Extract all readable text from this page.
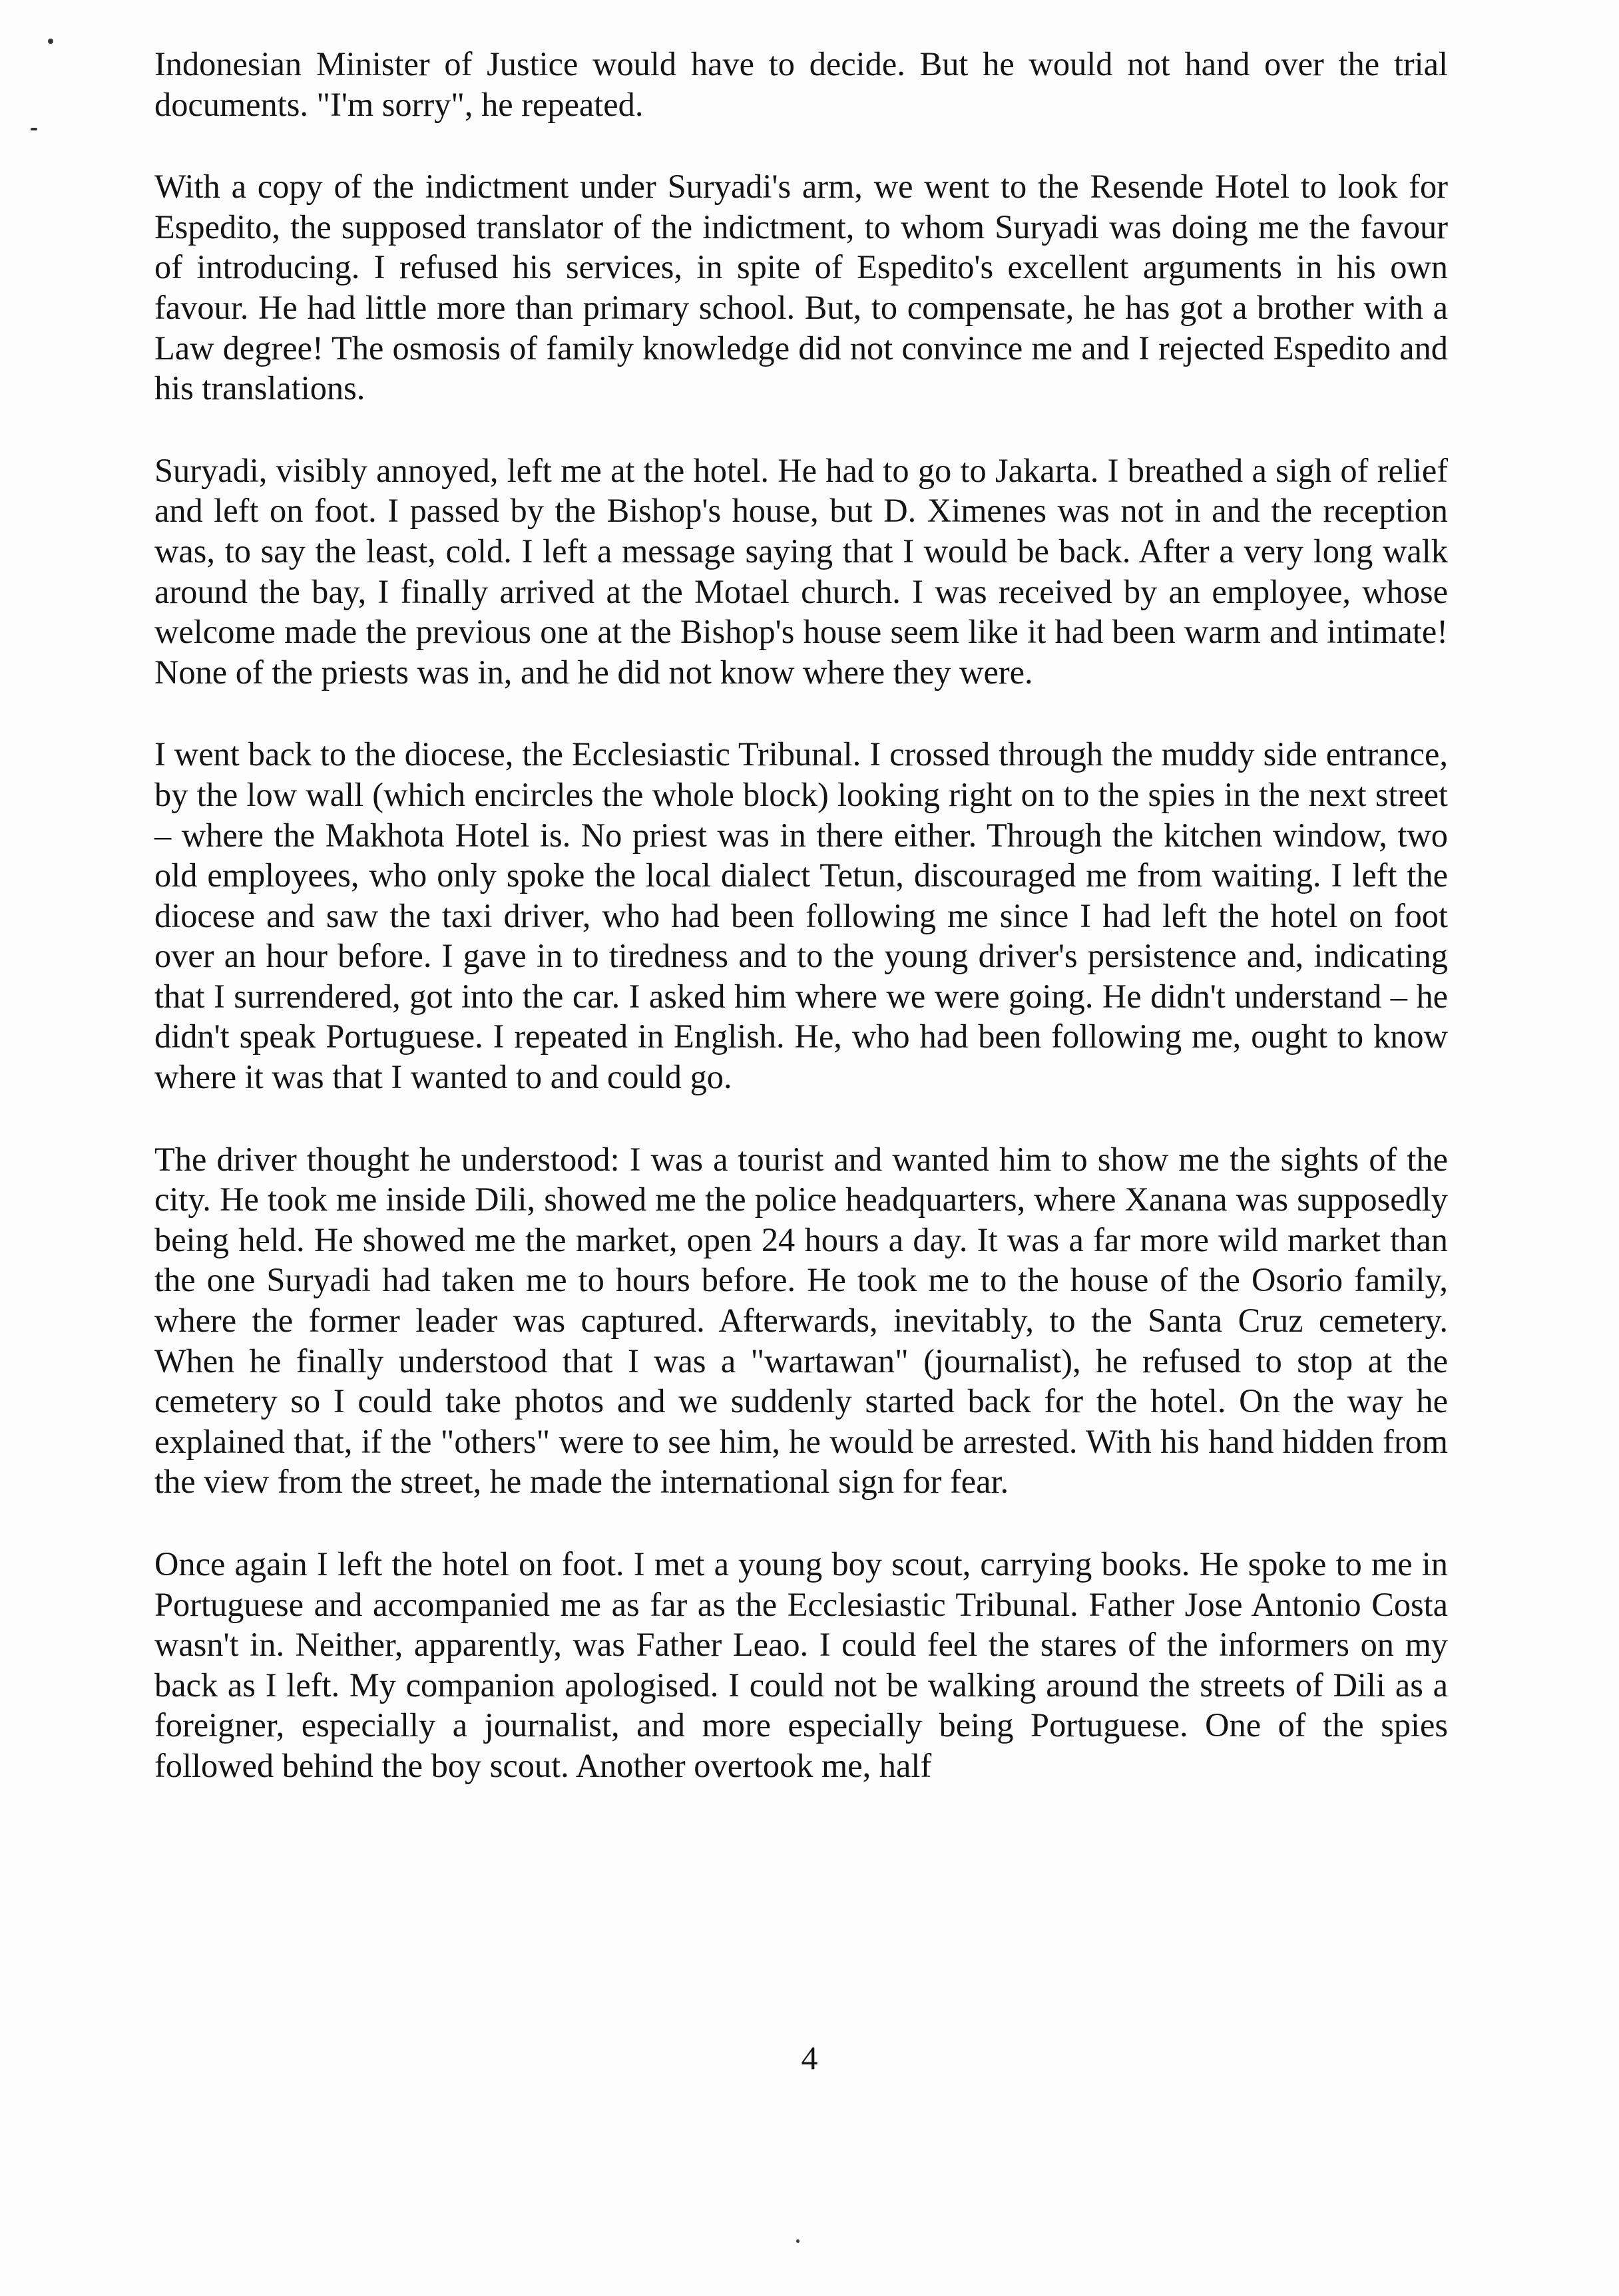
Indonesian Minister of Justice would have to decide. But he would not hand over the trial documents. "I'm sorry", he repeated.

With a copy of the indictment under Suryadi's arm, we went to the Resende Hotel to look for Espedito, the supposed translator of the indictment, to whom Suryadi was doing me the favour of introducing. I refused his services, in spite of Espedito's excellent arguments in his own favour. He had little more than primary school. But, to compensate, he has got a brother with a Law degree! The osmosis of family knowledge did not convince me and I rejected Espedito and his translations.

Suryadi, visibly annoyed, left me at the hotel. He had to go to Jakarta. I breathed a sigh of relief and left on foot. I passed by the Bishop's house, but D. Ximenes was not in and the reception was, to say the least, cold. I left a message saying that I would be back. After a very long walk around the bay, I finally arrived at the Motael church. I was received by an employee, whose welcome made the previous one at the Bishop's house seem like it had been warm and intimate! None of the priests was in, and he did not know where they were.

I went back to the diocese, the Ecclesiastic Tribunal. I crossed through the muddy side entrance, by the low wall (which encircles the whole block) looking right on to the spies in the next street – where the Makhota Hotel is. No priest was in there either. Through the kitchen window, two old employees, who only spoke the local dialect Tetun, discouraged me from waiting. I left the diocese and saw the taxi driver, who had been following me since I had left the hotel on foot over an hour before. I gave in to tiredness and to the young driver's persistence and, indicating that I surrendered, got into the car. I asked him where we were going. He didn't understand – he didn't speak Portuguese. I repeated in English. He, who had been following me, ought to know where it was that I wanted to and could go.

The driver thought he understood: I was a tourist and wanted him to show me the sights of the city. He took me inside Dili, showed me the police headquarters, where Xanana was supposedly being held. He showed me the market, open 24 hours a day. It was a far more wild market than the one Suryadi had taken me to hours before. He took me to the house of the Osorio family, where the former leader was captured. Afterwards, inevitably, to the Santa Cruz cemetery. When he finally understood that I was a "wartawan" (journalist), he refused to stop at the cemetery so I could take photos and we suddenly started back for the hotel. On the way he explained that, if the "others" were to see him, he would be arrested. With his hand hidden from the view from the street, he made the international sign for fear.

Once again I left the hotel on foot. I met a young boy scout, carrying books. He spoke to me in Portuguese and accompanied me as far as the Ecclesiastic Tribunal. Father Jose Antonio Costa wasn't in. Neither, apparently, was Father Leao. I could feel the stares of the informers on my back as I left. My companion apologised. I could not be walking around the streets of Dili as a foreigner, especially a journalist, and more especially being Portuguese. One of the spies followed behind the boy scout. Another overtook me, half

4
